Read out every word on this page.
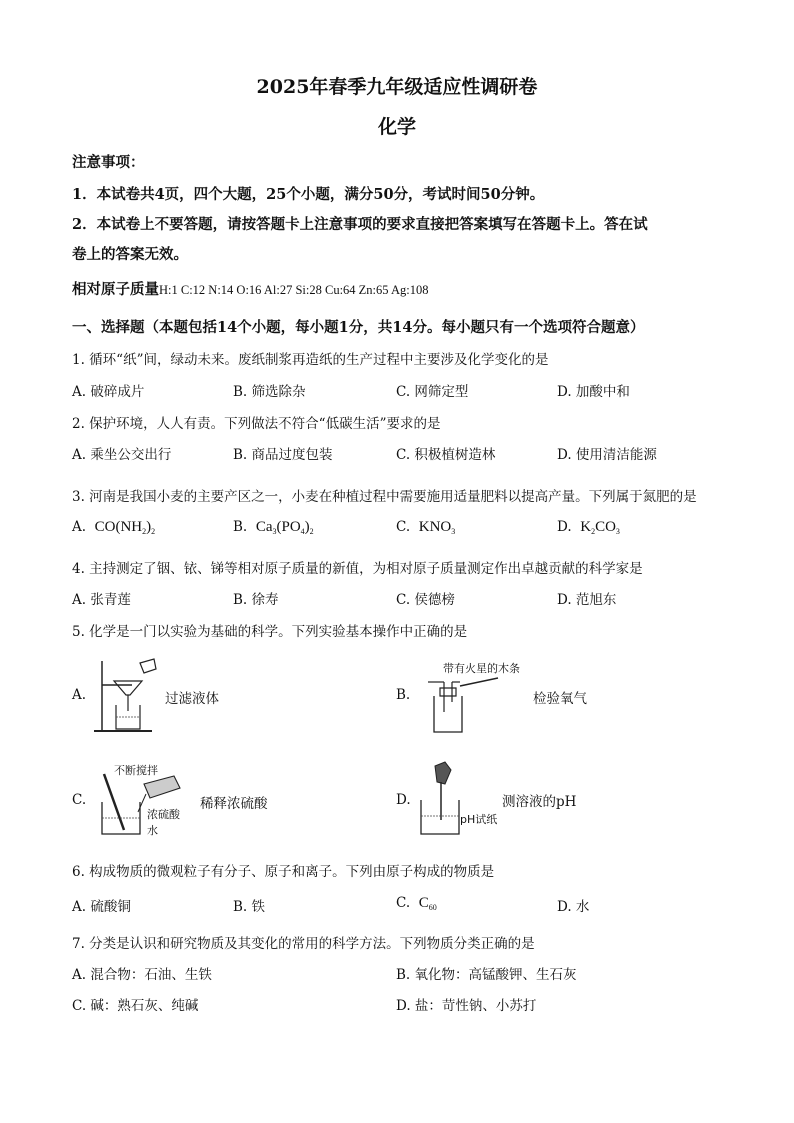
2025年春季九年级适应性调研卷
化学
注意事项：
1．本试卷共4页，四个大题，25个小题，满分50分，考试时间50分钟。
2．本试卷上不要答题，请按答题卡上注意事项的要求直接把答案填写在答题卡上。答在试
卷上的答案无效。
相对原子质量H:1 C:12 N:14 O:16 Al:27 Si:28 Cu:64 Zn:65 Ag:108
一、选择题（本题包括14个小题，每小题1分，共14分。每小题只有一个选项符合题意）
1. 循环“纸”间，绿动未来。废纸制浆再造纸的生产过程中主要涉及化学变化的是
A. 破碎成片	B. 筛选除杂	C. 网筛定型	D. 加酸中和
2. 保护环境，人人有责。下列做法不符合“低碳生活”要求的是
A. 乘坐公交出行	B. 商品过度包装	C. 积极植树造林	D. 使用清洁能源
3. 河南是我国小麦的主要产区之一，小麦在种植过程中需要施用适量肥料以提高产量。下列属于氮肥的是
A. $CO(NH_2)_2$	B. $Ca_3(PO_4)_2$	C. $KNO_3$	D. $K_2CO_3$
4. 主持测定了铟、铱、锑等相对原子质量的新值，为相对原子质量测定作出卓越贡献的科学家是
A. 张青莲	B. 徐寿	C. 侯德榜	D. 范旭东
5. 化学是一门以实验为基础的科学。下列实验基本操作中正确的是
A.	过滤液体	B.
带有火星的木条
检验氧气
C.
不断搅拌
浓硫酸
水
稀释浓硫酸	D.
pH试纸
测溶液的pH
6. 构成物质的微观粒子有分子、原子和离子。下列由原子构成的物质是
A. 硫酸铜	B. 铁	C. $C_{60}$	D. 水
7. 分类是认识和研究物质及其变化的常用的科学方法。下列物质分类正确的是
A. 混合物：石油、生铁	B. 氧化物：高锰酸钾、生石灰
C. 碱：熟石灰、纯碱	D. 盐：苛性钠、小苏打
